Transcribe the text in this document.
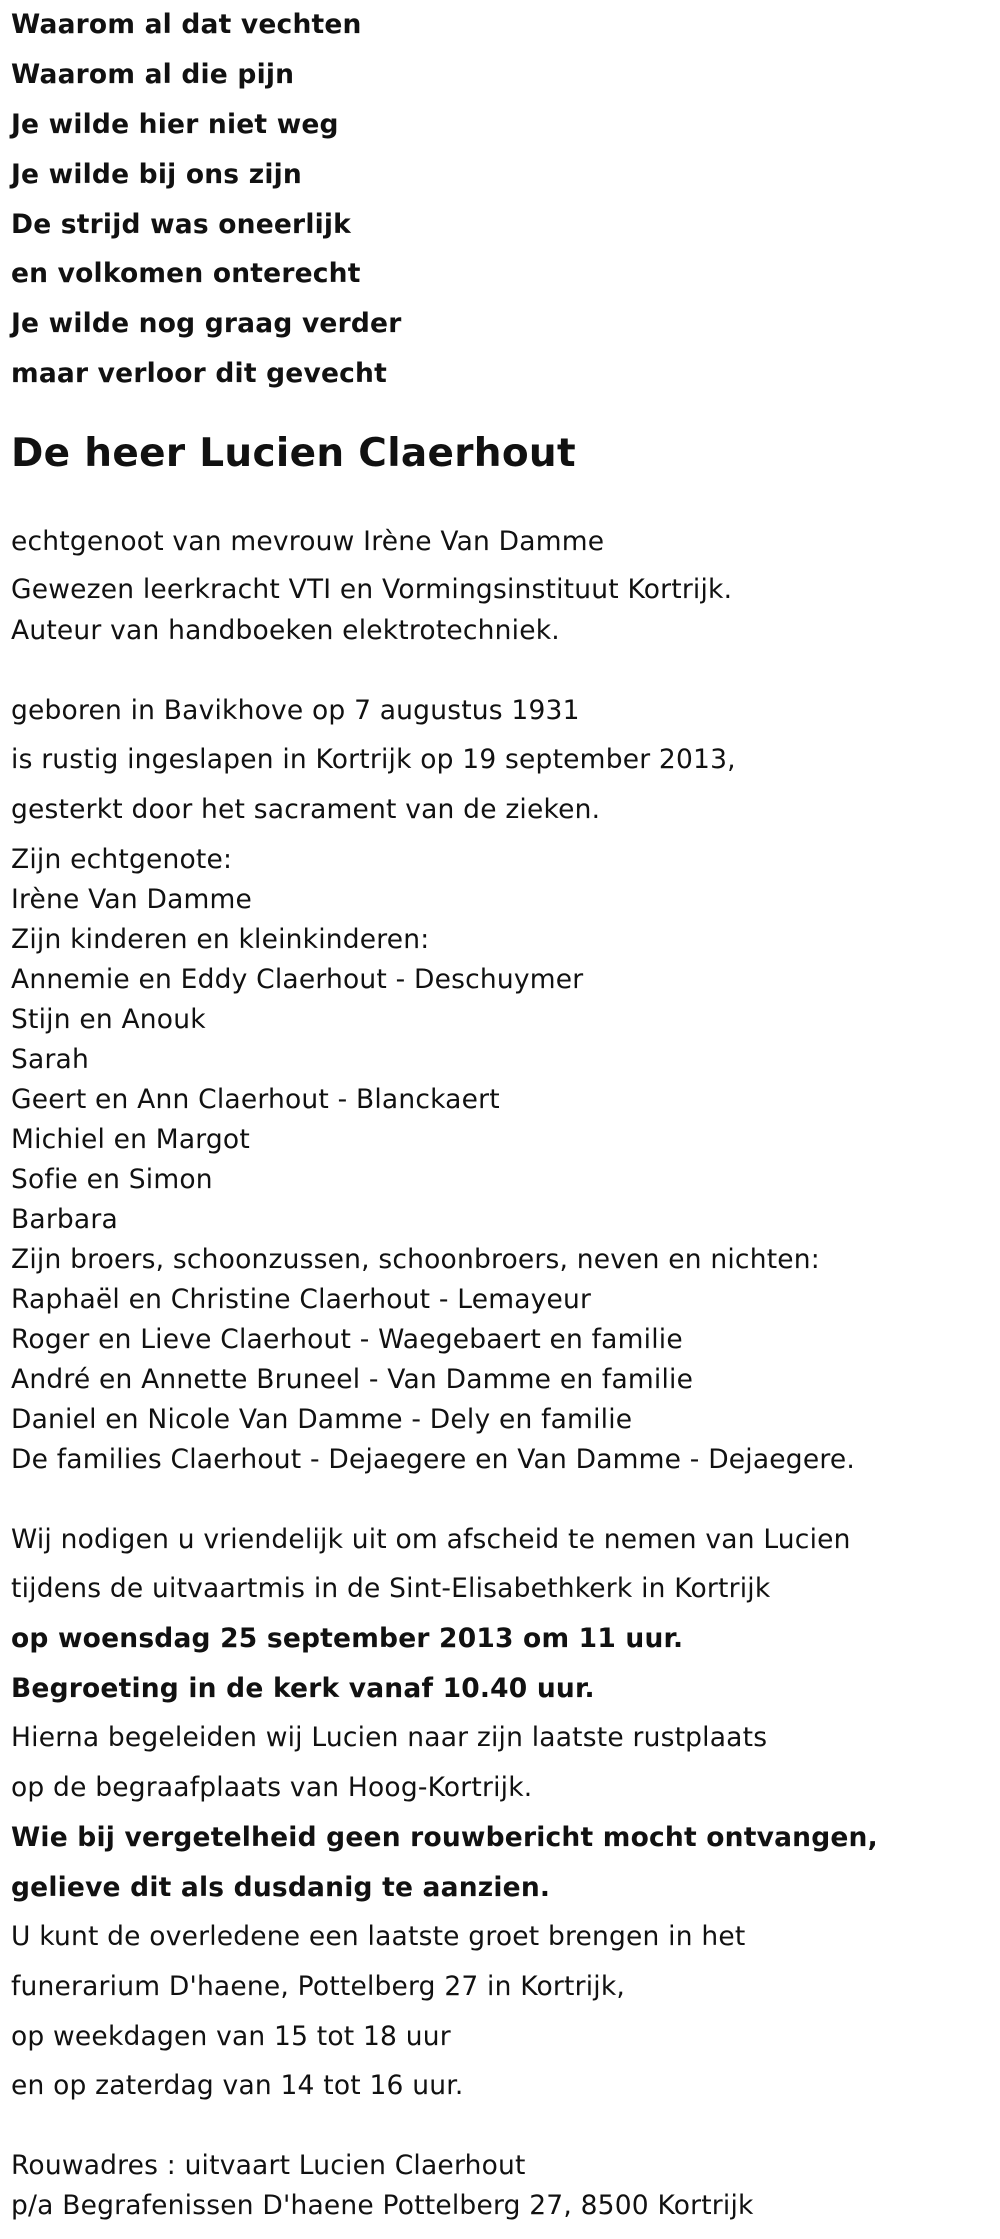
Waarom al dat vechten
Waarom al die pijn
Je wilde hier niet weg
Je wilde bij ons zijn
De strijd was oneerlijk
en volkomen onterecht
Je wilde nog graag verder
maar verloor dit gevecht
De heer Lucien Claerhout
echtgenoot van mevrouw Irène Van Damme
Gewezen leerkracht VTI en Vormingsinstituut Kortrijk.
Auteur van handboeken elektrotechniek.
geboren in Bavikhove op 7 augustus 1931
is rustig ingeslapen in Kortrijk op 19 september 2013,
gesterkt door het sacrament van de zieken.
Zijn echtgenote:
Irène Van Damme
Zijn kinderen en kleinkinderen:
Annemie en Eddy Claerhout - Deschuymer
Stijn en Anouk
Sarah
Geert en Ann Claerhout - Blanckaert
Michiel en Margot
Sofie en Simon
Barbara
Zijn broers, schoonzussen, schoonbroers, neven en nichten:
Raphaël en Christine Claerhout - Lemayeur
Roger en Lieve Claerhout - Waegebaert en familie
André en Annette Bruneel - Van Damme en familie
Daniel en Nicole Van Damme - Dely en familie
De families Claerhout - Dejaegere en Van Damme - Dejaegere.
Wij nodigen u vriendelijk uit om afscheid te nemen van Lucien
tijdens de uitvaartmis in de Sint-Elisabethkerk in Kortrijk
op woensdag 25 september 2013 om 11 uur.
Begroeting in de kerk vanaf 10.40 uur.
Hierna begeleiden wij Lucien naar zijn laatste rustplaats
op de begraafplaats van Hoog-Kortrijk.
Wie bij vergetelheid geen rouwbericht mocht ontvangen,
gelieve dit als dusdanig te aanzien.
U kunt de overledene een laatste groet brengen in het
funerarium D'haene, Pottelberg 27 in Kortrijk,
op weekdagen van 15 tot 18 uur
en op zaterdag van 14 tot 16 uur.
Rouwadres : uitvaart Lucien Claerhout
p/a Begrafenissen D'haene Pottelberg 27, 8500 Kortrijk
